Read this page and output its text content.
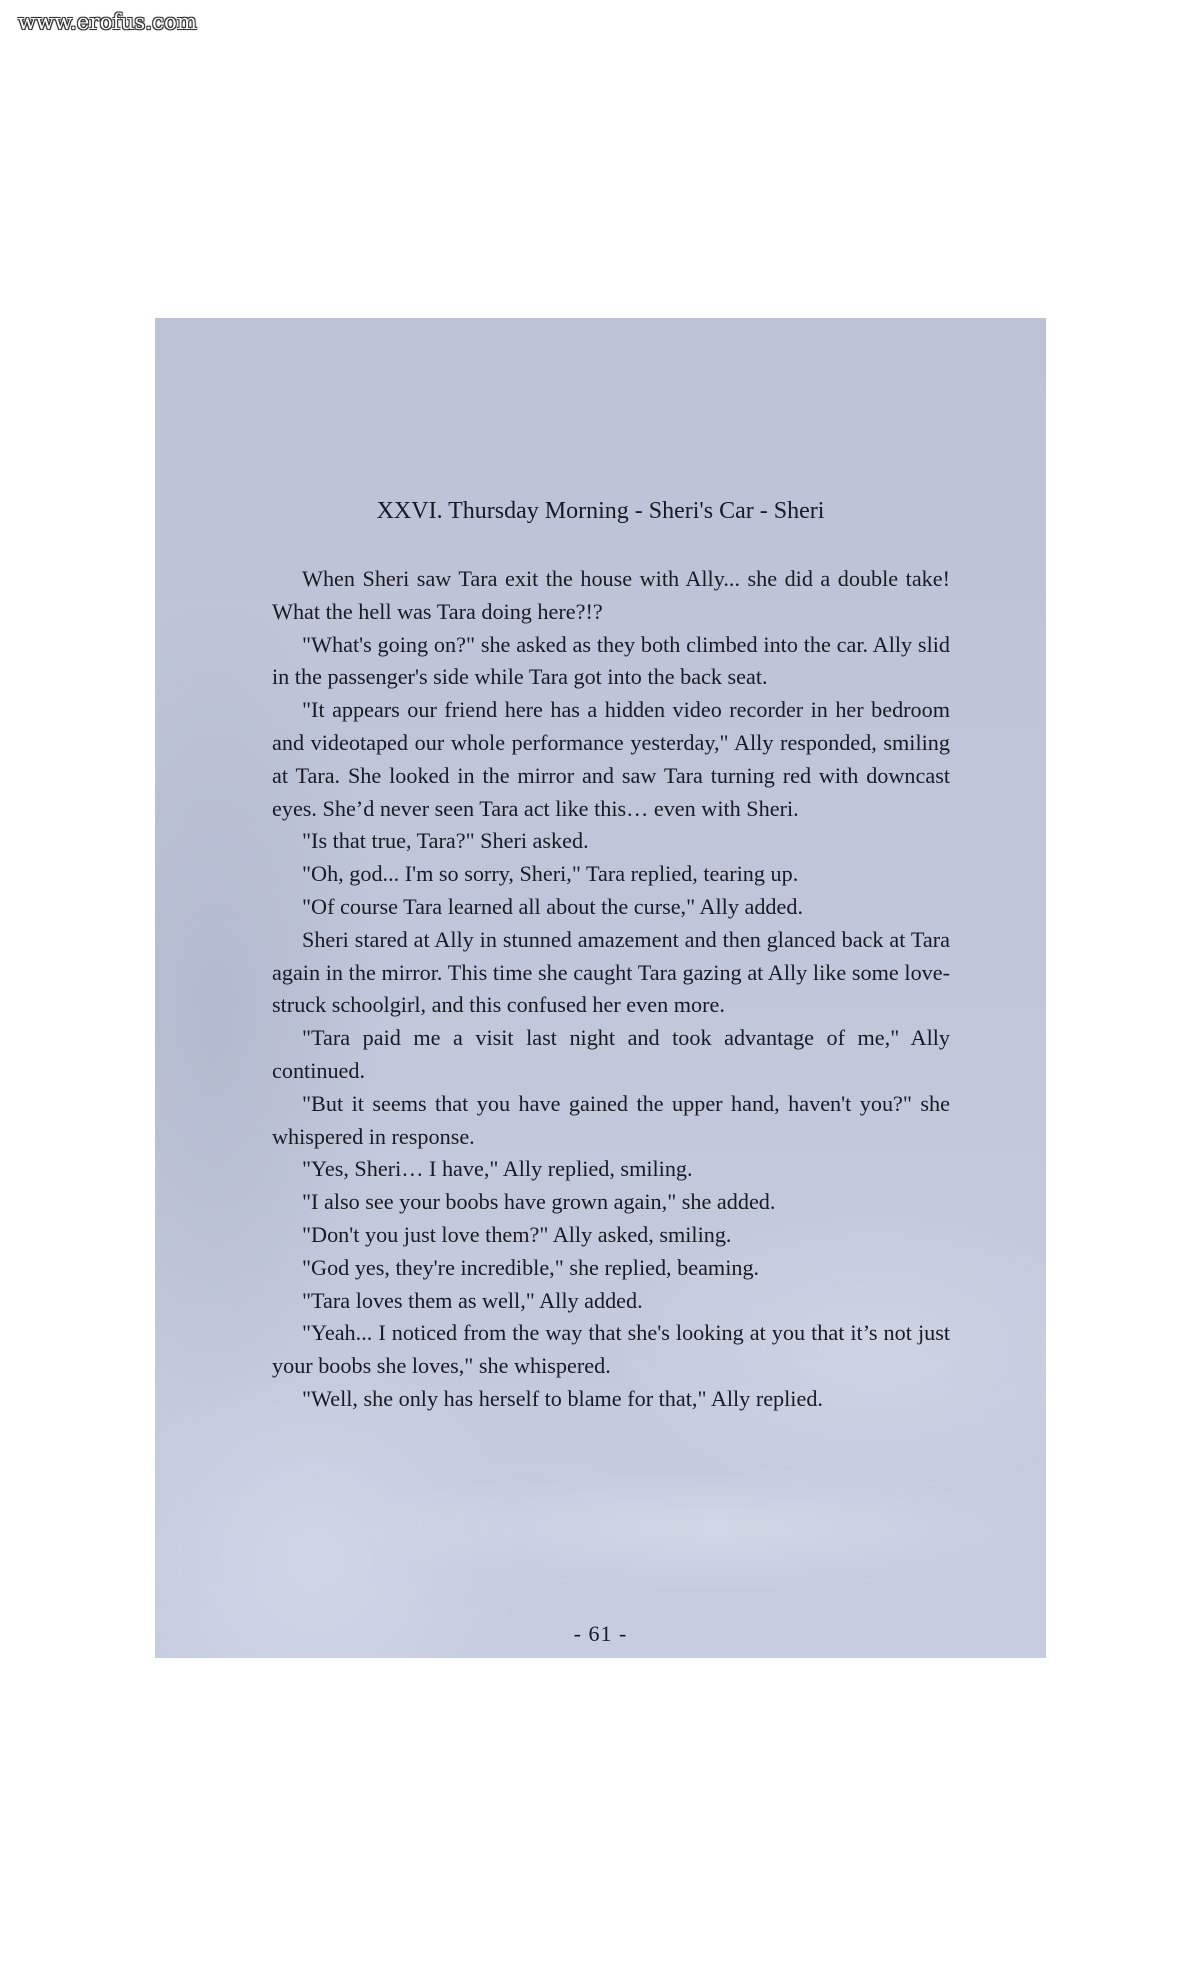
www.erofus.com
XXVI. Thursday Morning - Sheri's Car - Sheri

When Sheri saw Tara exit the house with Ally... she did a double take! What the hell was Tara doing here?!?

"What's going on?" she asked as they both climbed into the car. Ally slid in the passenger's side while Tara got into the back seat.

"It appears our friend here has a hidden video recorder in her bedroom and videotaped our whole performance yesterday," Ally responded, smiling at Tara. She looked in the mirror and saw Tara turning red with downcast eyes. She’d never seen Tara act like this… even with Sheri.

"Is that true, Tara?" Sheri asked.

"Oh, god... I'm so sorry, Sheri," Tara replied, tearing up.

"Of course Tara learned all about the curse," Ally added.

Sheri stared at Ally in stunned amazement and then glanced back at Tara again in the mirror. This time she caught Tara gazing at Ally like some love-struck schoolgirl, and this confused her even more.

"Tara paid me a visit last night and took advantage of me," Ally continued.

"But it seems that you have gained the upper hand, haven't you?" she whispered in response.

"Yes, Sheri… I have," Ally replied, smiling.

"I also see your boobs have grown again," she added.

"Don't you just love them?" Ally asked, smiling.

"God yes, they're incredible," she replied, beaming.

"Tara loves them as well," Ally added.

"Yeah... I noticed from the way that she's looking at you that it’s not just your boobs she loves," she whispered.

"Well, she only has herself to blame for that," Ally replied.

- 61 -
